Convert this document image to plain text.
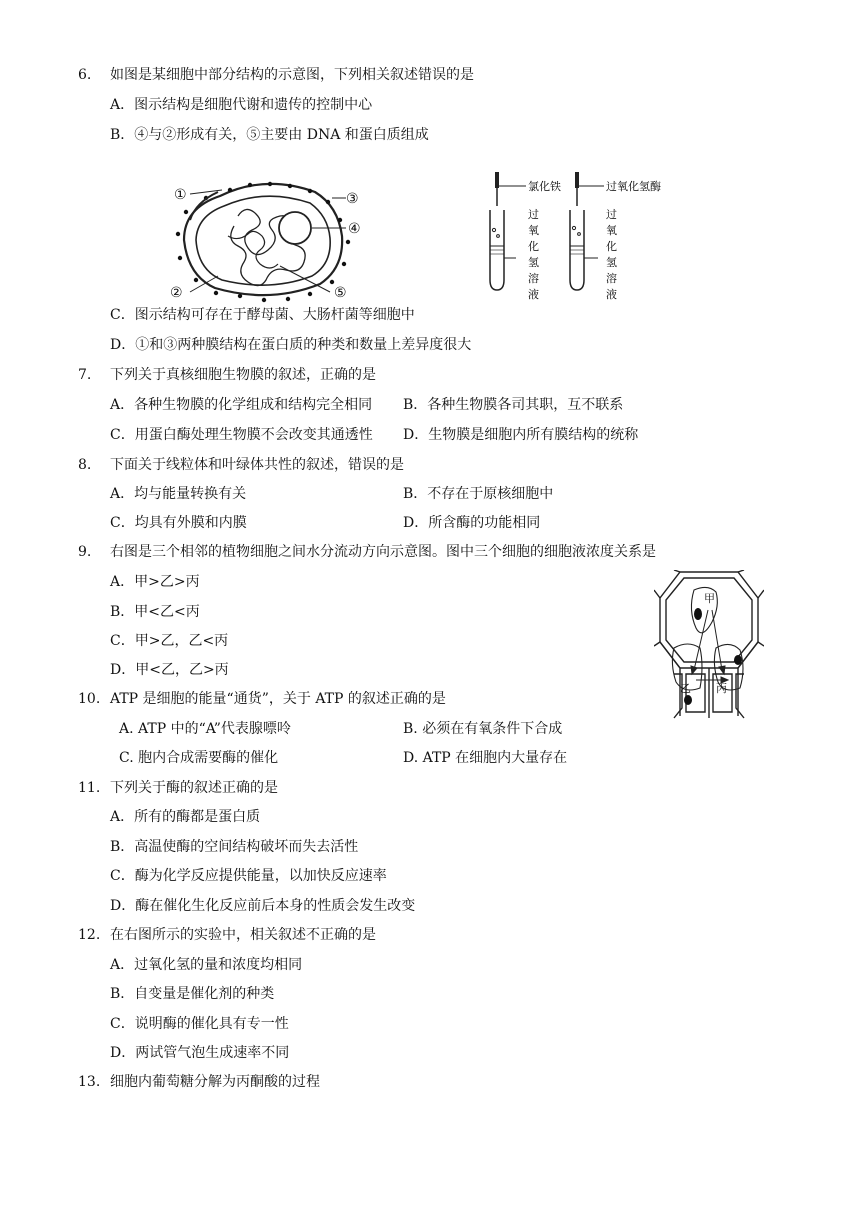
6. 如图是某细胞中部分结构的示意图，下列相关叙述错误的是
A．图示结构是细胞代谢和遗传的控制中心
B．④与②形成有关，⑤主要由 DNA 和蛋白质组成
①
②
③
④
⑤
氯化铁
过
氧
化
氢
溶
液
过氧化氢酶
过
氧
化
氢
溶
液
C．图示结构可存在于酵母菌、大肠杆菌等细胞中
D．①和③两种膜结构在蛋白质的种类和数量上差异度很大
7. 下列关于真核细胞生物膜的叙述，正确的是
A．各种生物膜的化学组成和结构完全相同 B．各种生物膜各司其职，互不联系
C．用蛋白酶处理生物膜不会改变其通透性 D．生物膜是细胞内所有膜结构的统称
8. 下面关于线粒体和叶绿体共性的叙述，错误的是
A．均与能量转换有关	B．不存在于原核细胞中
C．均具有外膜和内膜	D．所含酶的功能相同
9. 右图是三个相邻的植物细胞之间水分流动方向示意图。图中三个细胞的细胞液浓度关系是
A．甲>乙>丙
B．甲<乙<丙
C．甲>乙，乙<丙
D．甲<乙，乙>丙
甲
乙 丙
10. ATP 是细胞的能量“通货”，关于 ATP 的叙述正确的是
A. ATP 中的“A”代表腺嘌呤	B. 必须在有氧条件下合成
C. 胞内合成需要酶的催化	D. ATP 在细胞内大量存在
11. 下列关于酶的叙述正确的是
A．所有的酶都是蛋白质
B．高温使酶的空间结构破坏而失去活性
C．酶为化学反应提供能量，以加快反应速率
D．酶在催化生化反应前后本身的性质会发生改变
12. 在右图所示的实验中，相关叙述不正确的是
A．过氧化氢的量和浓度均相同
B．自变量是催化剂的种类
C．说明酶的催化具有专一性
D．两试管气泡生成速率不同
13. 细胞内葡萄糖分解为丙酮酸的过程
